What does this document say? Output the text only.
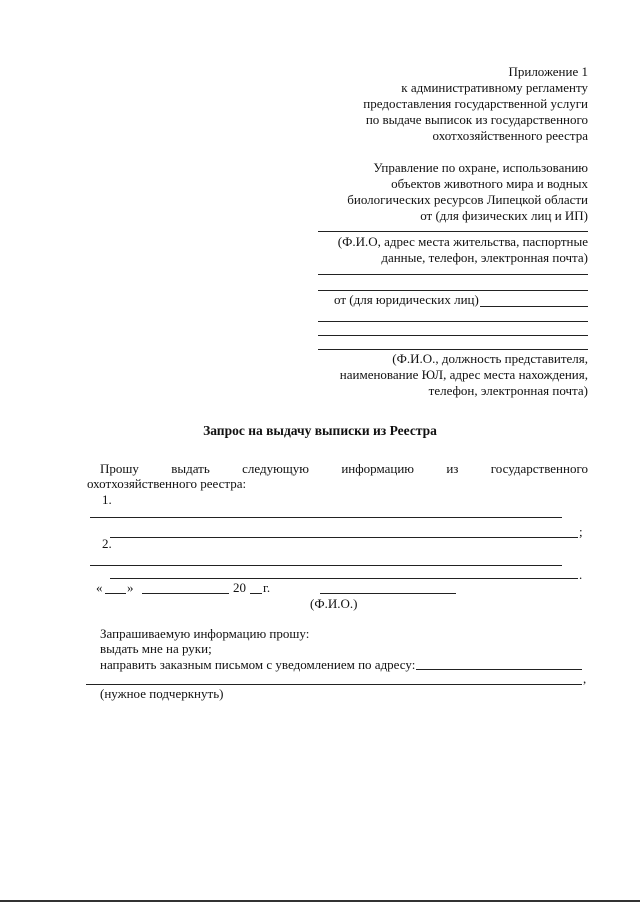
Приложение 1
к административному регламенту
предоставления государственной услуги
по выдаче выписок из государственного
охотхозяйственного реестра
Управление по охране, использованию
объектов животного мира и водных
биологических ресурсов Липецкой области
от (для физических лиц и ИП)
(Ф.И.О, адрес места жительства, паспортные
данные, телефон, электронная почта)
от (для юридических лиц)
(Ф.И.О., должность представителя,
наименование ЮЛ, адрес места нахождения,
телефон, электронная почта)
Запрос на выдачу выписки из Реестра
Прошу выдать следующую информацию из государственного
охотхозяйственного реестра:
1.
;
2.
.
« »	20 г.
(Ф.И.О.)
Запрашиваемую информацию прошу:
выдать мне на руки;
направить заказным письмом с уведомлением по адресу:
,
(нужное подчеркнуть)
